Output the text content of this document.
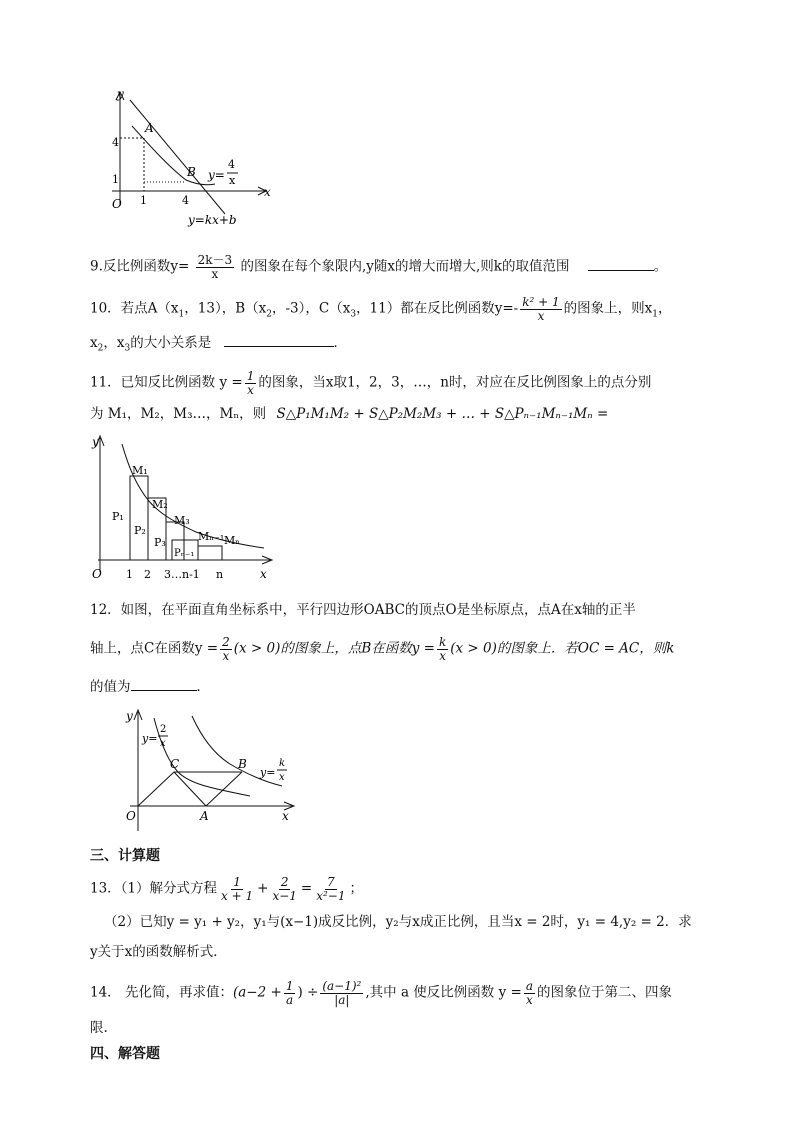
y
x
O
4
1
1	4
A
B y=
4
x
y=kx+b
9.反比例函数$y= \frac{2k-3}{x}$ 的图象在每个象限内,y随x的增大而增大,则k的取值范围	。
10．若点$A(x_1$，13），$B(x_2$，-3），$C(x_3$，11）都在反比例函数$y=- \frac{\text{k² + 1}}{x}$ 的图象上，则$x_1$，
$x_2$，$x_3$的大小关系是	．
11．已知反比例函数 $y = \frac{1}{x}$ 的图象，当x取1，2，3，…，n时，对应在反比例图象上的点分别
为 M₁，M₂，M₃…，Mₙ，则 S△P₁M₁M₂ + S△P₂M₂M₃ + … + S△Pₙ₋₁Mₙ₋₁Mₙ =
y
x
O
M₁
M₂
M₃
Mₙ₋₁ Mₙ
P₁
P₂
P₃
Pₙ₋₁
1 2 3…n-1 n
12．如图，在平面直角坐标系中，平行四边形OABC的顶点O是坐标原点，点A在x轴的正半
轴上，点C在函数$y = \frac{2}{x} (x > 0)$的图象上，点B在函数$y = \frac{k}{x} (x > 0)$的图象上．若OC = AC，则k
的值为	．
y
x
O
C	B
A
y=
2
x
y=
k
x
三、计算题
13．（1）解分式方程 $\frac{1}{x + 1} + \frac{2}{x-1} = \frac{7}{\text{x²−1}}$ ；
（2）已知y = y₁ + y₂，y₁与(x−1)成反比例，y₂与x成正比例，且当x = 2时，y₁ = 4,y₂ = 2．求
y关于x的函数解析式．
14． 先化简，再求值：($a-2 + \frac{1}{a}$ ) ÷ $\frac{\text{(a−1)²}}{|a|}$ ,其中 a 使反比例函数 $y = \frac{a}{x}$ 的图象位于第二、四象
限.
四、解答题
